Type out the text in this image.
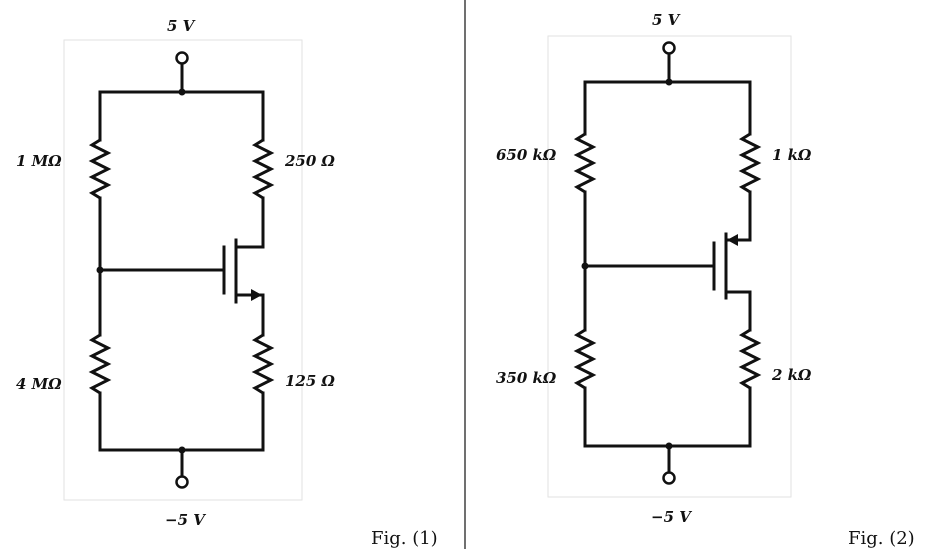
5 V
1 MΩ
4 MΩ
250 Ω
125 Ω
−5 V
Fig. (1)
5 V
650 kΩ
350 kΩ
1 kΩ
2 kΩ
−5 V
Fig. (2)
